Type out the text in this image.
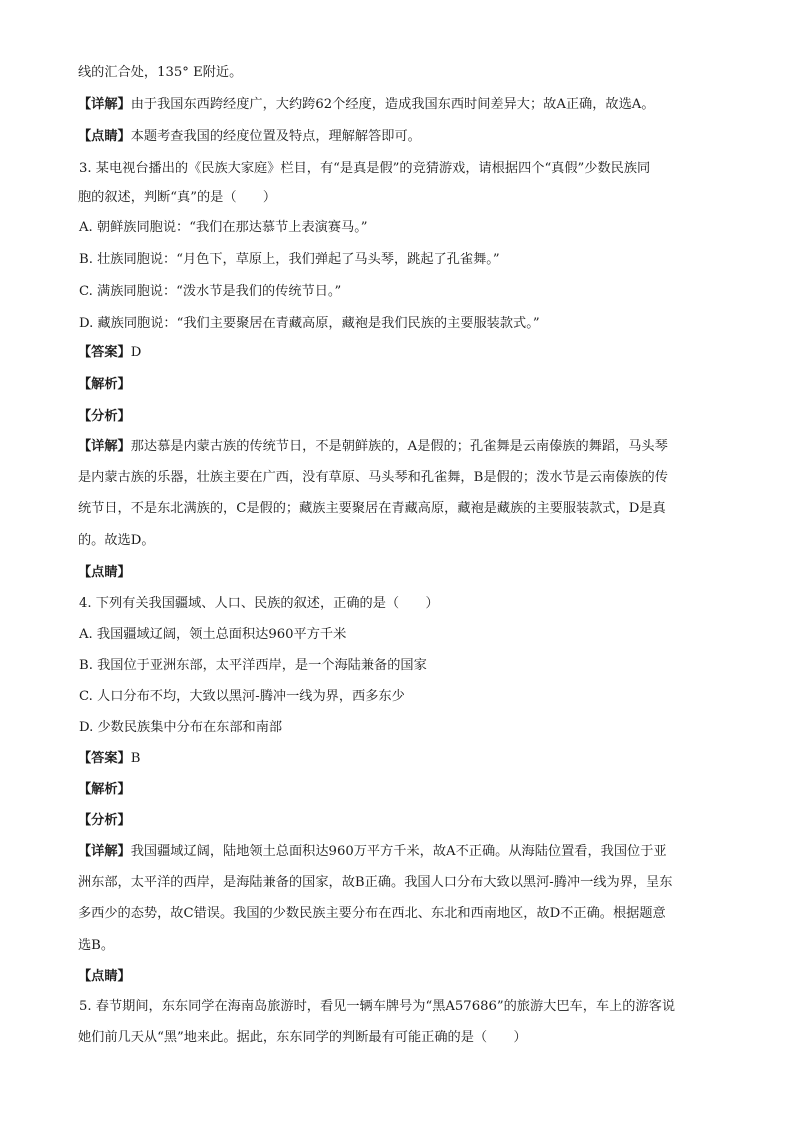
线的汇合处，135° E附近。
【详解】由于我国东西跨经度广，大约跨62个经度，造成我国东西时间差异大；故A正确，故选A。
【点睛】本题考查我国的经度位置及特点，理解解答即可。
3. 某电视台播出的《民族大家庭》栏目，有“是真是假”的竞猜游戏，请根据四个“真假”少数民族同
胞的叙述，判断“真”的是（　　）
A. 朝鲜族同胞说：“我们在那达慕节上表演赛马。”
B. 壮族同胞说：“月色下，草原上，我们弹起了马头琴，跳起了孔雀舞。”
C. 满族同胞说：“泼水节是我们的传统节日。”
D. 藏族同胞说：“我们主要聚居在青藏高原，藏袍是我们民族的主要服装款式。”
【答案】D
【解析】
【分析】
【详解】那达慕是内蒙古族的传统节日，不是朝鲜族的，A是假的；孔雀舞是云南傣族的舞蹈，马头琴
是内蒙古族的乐器，壮族主要在广西，没有草原、马头琴和孔雀舞，B是假的；泼水节是云南傣族的传
统节日，不是东北满族的，C是假的；藏族主要聚居在青藏高原，藏袍是藏族的主要服装款式，D是真
的。故选D。
【点睛】
4. 下列有关我国疆域、人口、民族的叙述，正确的是（　　）
A. 我国疆域辽阔，领土总面积达960平方千米
B. 我国位于亚洲东部，太平洋西岸，是一个海陆兼备的国家
C. 人口分布不均，大致以黑河-腾冲一线为界，西多东少
D. 少数民族集中分布在东部和南部
【答案】B
【解析】
【分析】
【详解】我国疆域辽阔，陆地领土总面积达960万平方千米，故A不正确。从海陆位置看，我国位于亚
洲东部，太平洋的西岸，是海陆兼备的国家，故B正确。我国人口分布大致以黑河-腾冲一线为界，呈东
多西少的态势，故C错误。我国的少数民族主要分布在西北、东北和西南地区，故D不正确。根据题意
选B。
【点睛】
5. 春节期间，东东同学在海南岛旅游时，看见一辆车牌号为“黑A57686”的旅游大巴车，车上的游客说
她们前几天从“黑”地来此。据此，东东同学的判断最有可能正确的是（　　）
